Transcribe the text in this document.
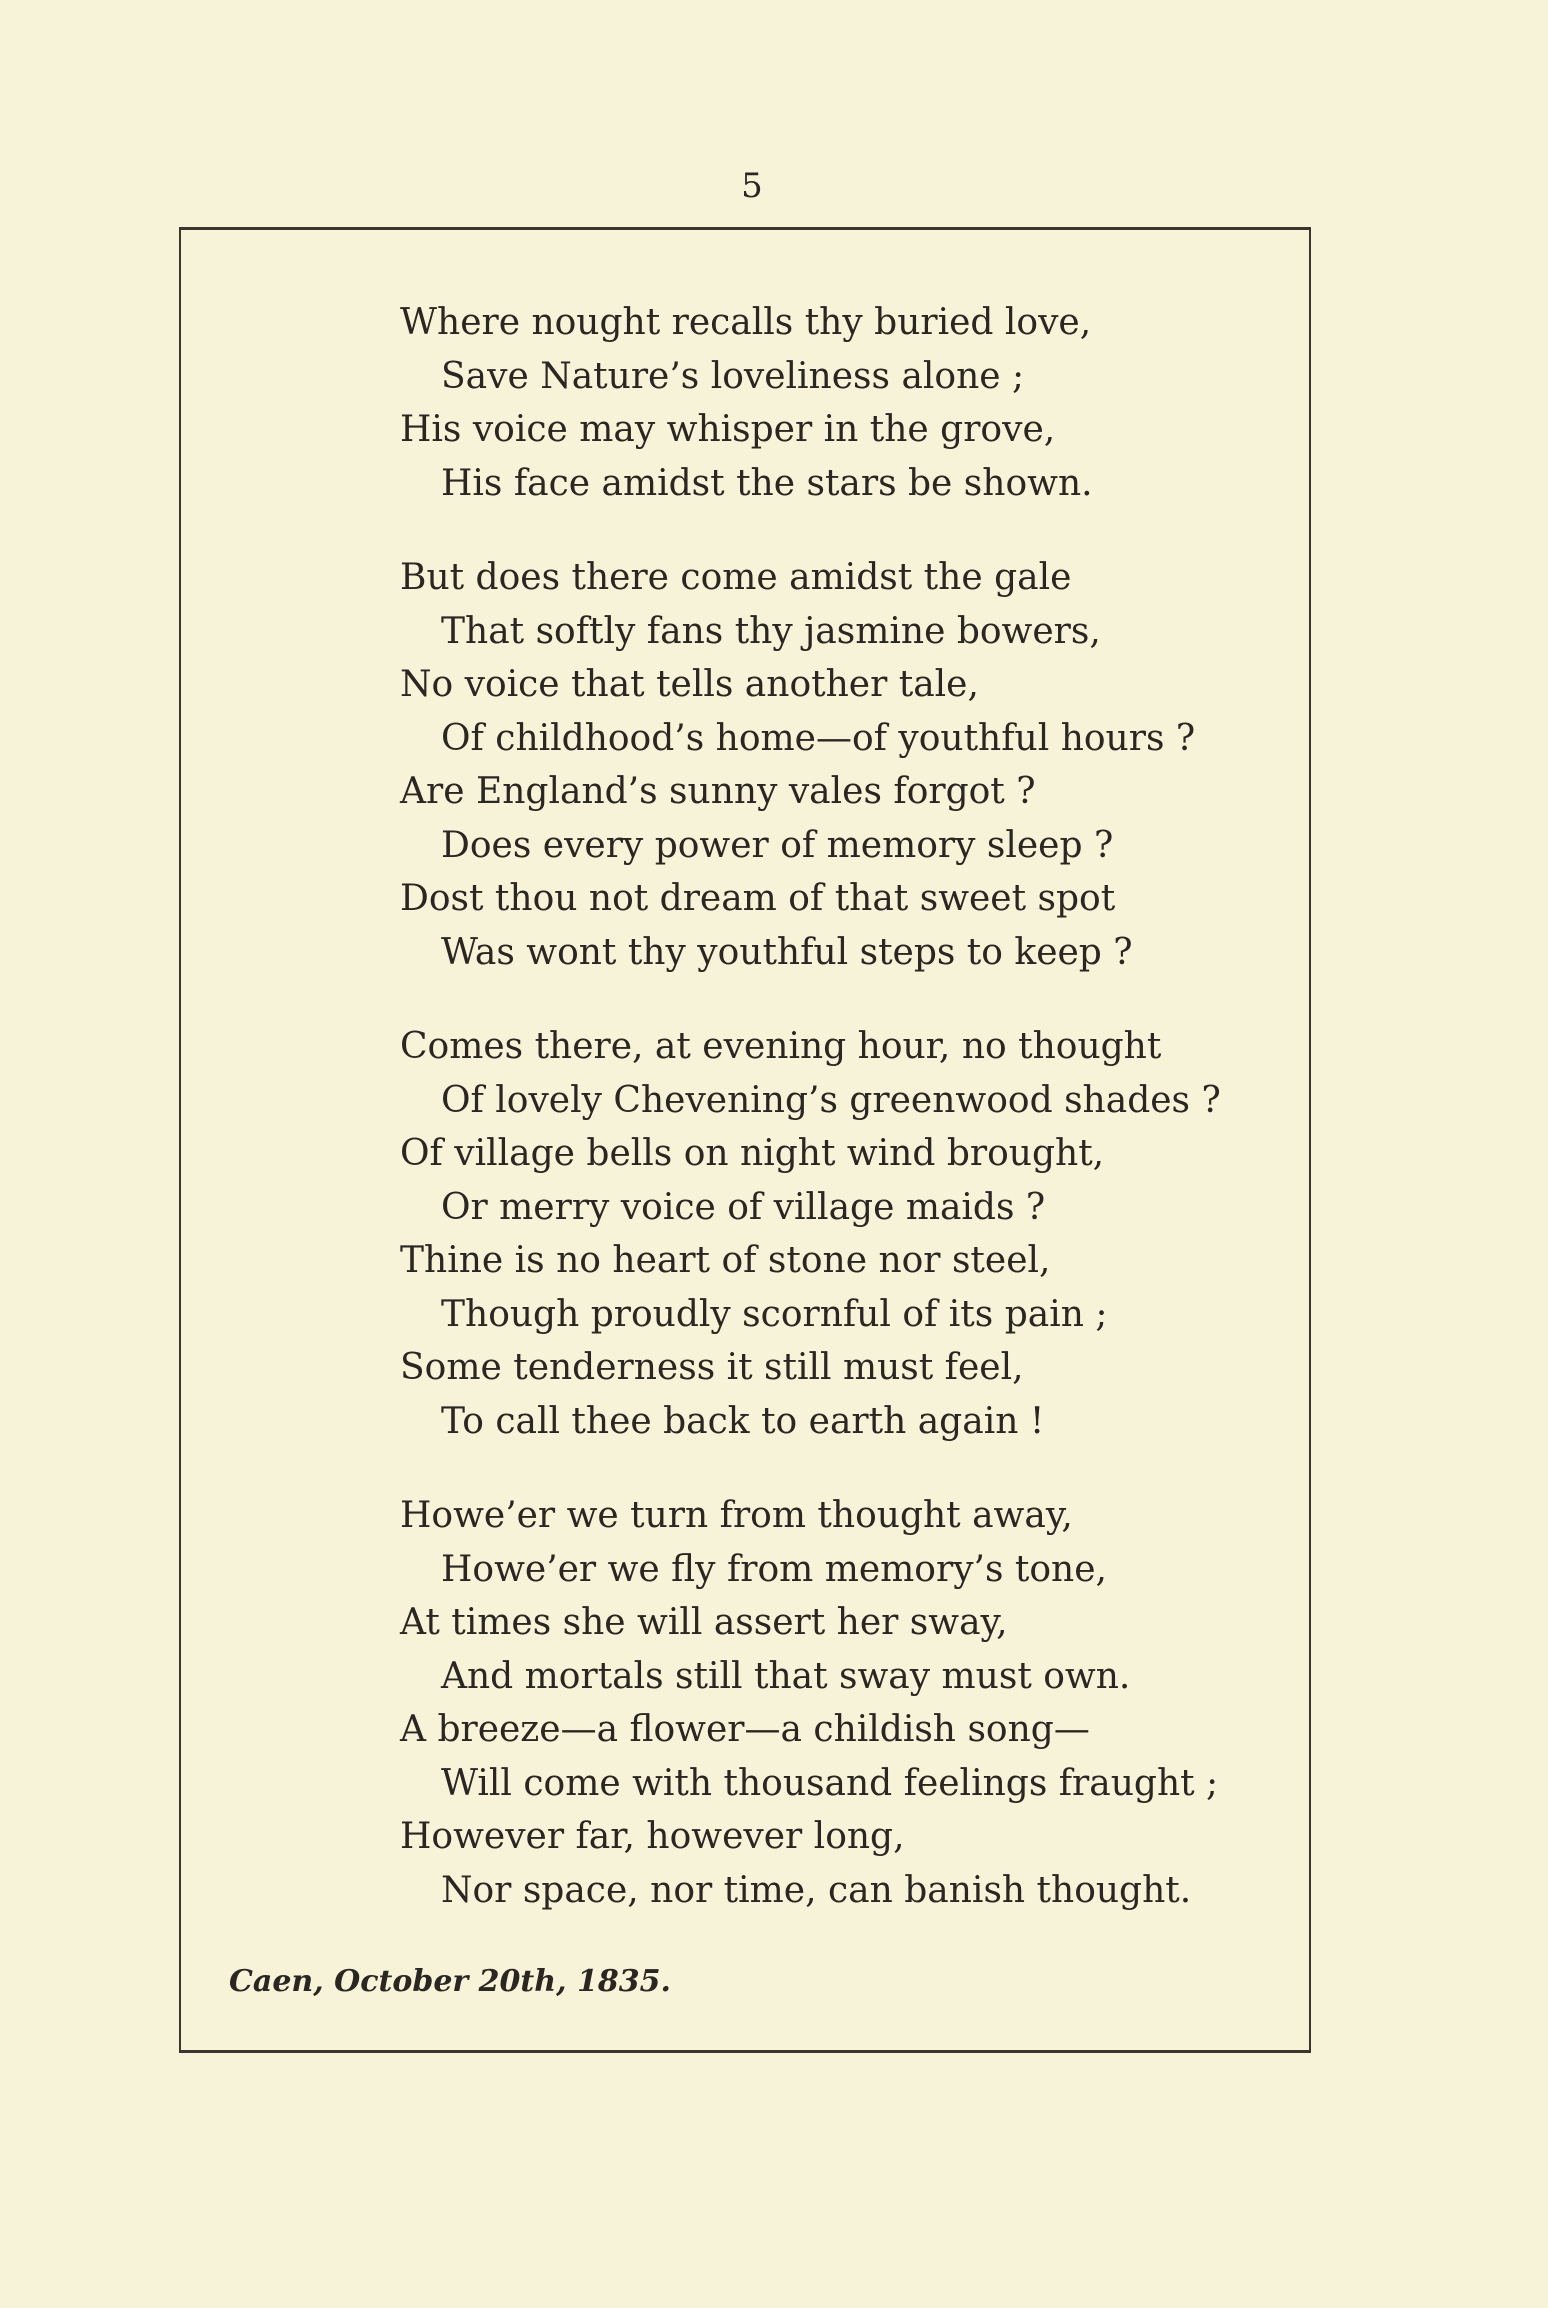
5
Where nought recalls thy buried love,
Save Nature’s loveliness alone ;
His voice may whisper in the grove,
His face amidst the stars be shown.
But does there come amidst the gale
That softly fans thy jasmine bowers,
No voice that tells another tale,
Of childhood’s home—of youthful hours ?
Are England’s sunny vales forgot ?
Does every power of memory sleep ?
Dost thou not dream of that sweet spot
Was wont thy youthful steps to keep ?
Comes there, at evening hour, no thought
Of lovely Chevening’s greenwood shades ?
Of village bells on night wind brought,
Or merry voice of village maids ?
Thine is no heart of stone nor steel,
Though proudly scornful of its pain ;
Some tenderness it still must feel,
To call thee back to earth again !
Howe’er we turn from thought away,
Howe’er we fly from memory’s tone,
At times she will assert her sway,
And mortals still that sway must own.
A breeze—a flower—a childish song—
Will come with thousand feelings fraught ;
However far, however long,
Nor space, nor time, can banish thought.
Caen, October 20th, 1835.
